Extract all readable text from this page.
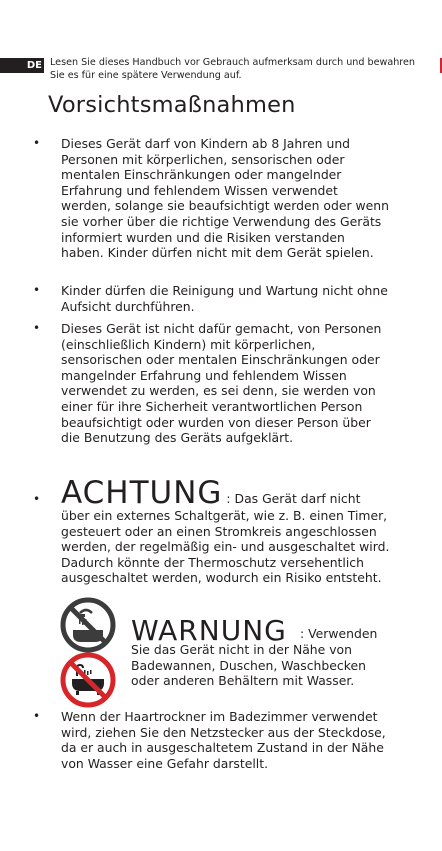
DE Lesen Sie dieses Handbuch vor Gebrauch aufmerksam durch und bewahren Sie es für eine spätere Verwendung auf.
Vorsichtsmaßnahmen
• Dieses Gerät darf von Kindern ab 8 Jahren und Personen mit körperlichen, sensorischen oder mentalen Einschränkungen oder mangelnder Erfahrung und fehlendem Wissen verwendet werden, solange sie beaufsichtigt werden oder wenn sie vorher über die richtige Verwendung des Geräts informiert wurden und die Risiken verstanden haben. Kinder dürfen nicht mit dem Gerät spielen.
• Kinder dürfen die Reinigung und Wartung nicht ohne Aufsicht durchführen.
• Dieses Gerät ist nicht dafür gemacht, von Personen (einschließlich Kindern) mit körperlichen, sensorischen oder mentalen Einschränkungen oder mangelnder Erfahrung und fehlendem Wissen verwendet zu werden, es sei denn, sie werden von einer für ihre Sicherheit verantwortlichen Person beaufsichtigt oder wurden von dieser Person über die Benutzung des Geräts aufgeklärt.
• ACHTUNG : Das Gerät darf nicht über ein externes Schaltgerät, wie z. B. einen Timer, gesteuert oder an einen Stromkreis angeschlossen werden, der regelmäßig ein- und ausgeschaltet wird. Dadurch könnte der Thermoschutz versehentlich ausgeschaltet werden, wodurch ein Risiko entsteht.
WARNUNG : Verwenden
Sie das Gerät nicht in der Nähe von Badewannen, Duschen, Waschbecken oder anderen Behältern mit Wasser.
• Wenn der Haartrockner im Badezimmer verwendet wird, ziehen Sie den Netzstecker aus der Steckdose, da er auch in ausgeschaltetem Zustand in der Nähe von Wasser eine Gefahr darstellt.
